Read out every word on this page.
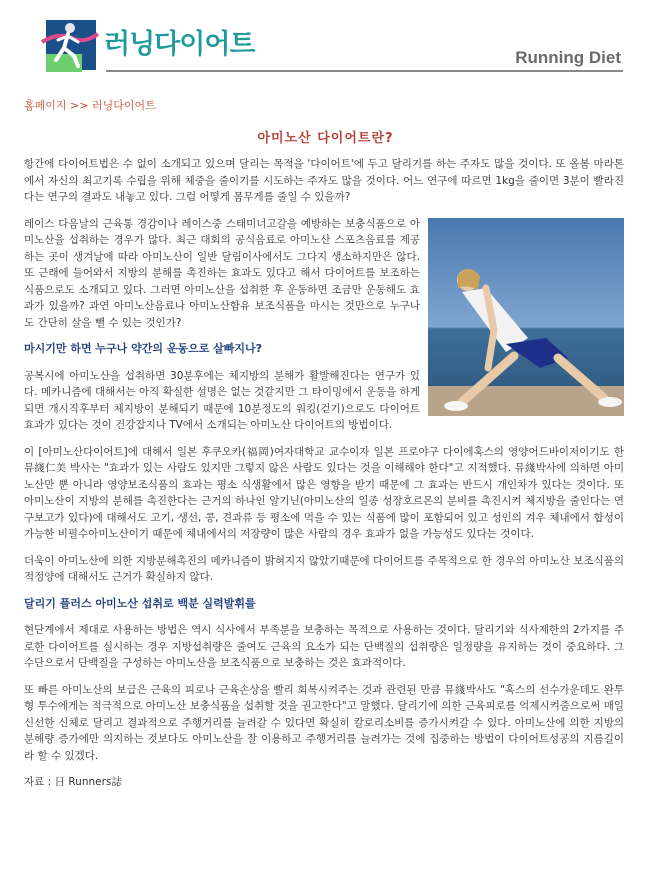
러닝다이어트	Running Diet
홈페이지 >> 러닝다이어트
아미노산 다이어트란?

항간에 다이어트법은 수 없이 소개되고 있으며 달리는 목적을 '다이어트'에 두고 달리기를 하는 주자도 많을 것이다. 또 올봄 마라톤에서 자신의 최고기록 수립을 위해 체중을 줄이기를 시도하는 주자도 많을 것이다. 어느 연구에 따르면 1kg을 줄이면 3분이 빨라진다는 연구의 결과도 내놓고 있다. 그럼 어떻게 몸무게를 줄일 수 있을까?

레이스 다음날의 근육통 경감이나 레이스중 스태미너고갈을 예방하는 보충식품으로 아미노산을 섭취하는 경우가 많다. 최근 대회의 공식음료로 아미노산 스포츠음료를 제공하는 곳이 생겨날에 따라 아미노산이 일반 달림이사에서도 그다지 생소하지만은 않다. 또 근래에 들어와서 지방의 분해를 촉진하는 효과도 있다고 해서 다이어트를 보조하는 식품으로도 소개되고 있다. 그러면 아미노산을 섭취한 후 운동하면 조금만 운동해도 효과가 있을까? 과연 아미노산음료나 아미노산함유 보조식품을 마시는 것만으로 누구나도 간단히 살을 뺄 수 있는 것인가?

마시기만 하면 누구나 약간의 운동으로 살빠지나?

공복시에 아미노산을 섭취하면 30분후에는 체지방의 분해가 활발해진다는 연구가 있다. 메카니즘에 대해서는 아직 확실한 설명은 없는 것같지만 그 타이밍에서 운동을 하게되면 개시직후부터 체지방이 분해되기 때문에 10분정도의 워킹(걷기)으로도 다이어트효과가 있다는 것이 건강잡지나 TV에서 소개되는 아미노산 다이어트의 방법이다.

이 [아미노산다이어트]에 대해서 일본 후쿠오카(福岡)여자대학교 교수이자 일본 프로야구 다이에혹스의 영양어드바이저이기도 한 뮤綫仁美 박사는 "효과가 있는 사람도 있지만 그렇지 않은 사람도 있다는 것을 이해해야 한다"고 지적했다. 뮤綫박사에 의하면 아미노산만 뿐 아니라 영양보조식품의 효과는 평소 식생활에서 많은 영향을 받기 때문에 그 효과는 반드시 개인차가 있다는 것이다. 또 아미노산이 지방의 분해를 촉진한다는 근거의 하나인 알기닌(아미노산의 일종 성장호르몬의 분비를 촉진시켜 체지방을 줄인다는 연구보고가 있다)에 대해서도 고기, 생선, 콩, 견과류 등 평소에 먹을 수 있는 식품에 많이 포함되어 있고 성인의 겨우 체내에서 합성이 가능한 비필수아미노산이기 때문에 체내에서의 저장량이 많은 사람의 경우 효과가 없을 가능성도 있다는 것이다.

더욱이 아미노산에 의한 지방분해촉진의 메카니즘이 밝혀지지 않았기때문에 다이어트를 주목적으로 한 경우의 아미노산 보조식품의 적정양에 대해서도 근거가 확실하지 않다.

달리기 플러스 아미노산 섭취로 백분 실력발휘를

현단계에서 제대로 사용하는 방법은 역시 식사에서 부족분을 보충하는 목적으로 사용하는 것이다. 달리기와 식사제한의 2가지를 주로한 다이어트를 실시하는 경우 지방섭취량은 줄여도 근육의 요소가 되는 단백질의 섭취량은 일정량을 유지하는 것이 중요하다. 그 수단으로서 단백질을 구성하는 아미노산을 보조식품으로 보충하는 것은 효과적이다.

또 빠른 아미노산의 보급은 근육의 피로나 근육손상을 빨리 회복시켜주는 것과 관련된 만큼 뮤綫박사도 "혹스의 선수가운데도 완투형 투수에게는 적극적으로 아미노산 보충식품을 섭취할 것을 권고한다"고 말했다. 달리기에 의한 근육피로를 억제시켜줌으로써 매일 신선한 신체로 달리고 결과적으로 주행거리를 늘려갈 수 있다면 확실히 칼로리소비를 증가시켜갈 수 있다. 아미노산에 의한 지방의 분해량 증가에만 의지하는 것보다도 아미노산을 잘 이용하고 주행거리를 늘려가는 것에 집중하는 방법이 다이어트성공의 지름길이라 할 수 있겠다.

자료 : 日 Runners誌
